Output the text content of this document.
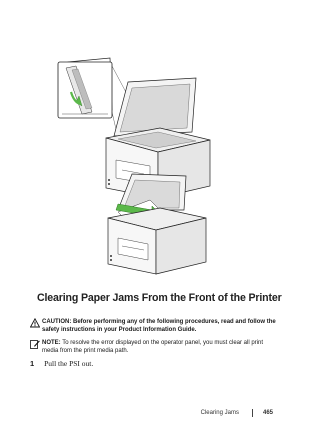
Clearing Paper Jams From the Front of the Printer
CAUTION: Before performing any of the following procedures, read and follow the safety instructions in your Product Information Guide.
NOTE: To resolve the error displayed on the operator panel, you must clear all print media from the print media path.
1 Pull the PSI out.
Clearing Jams	465
